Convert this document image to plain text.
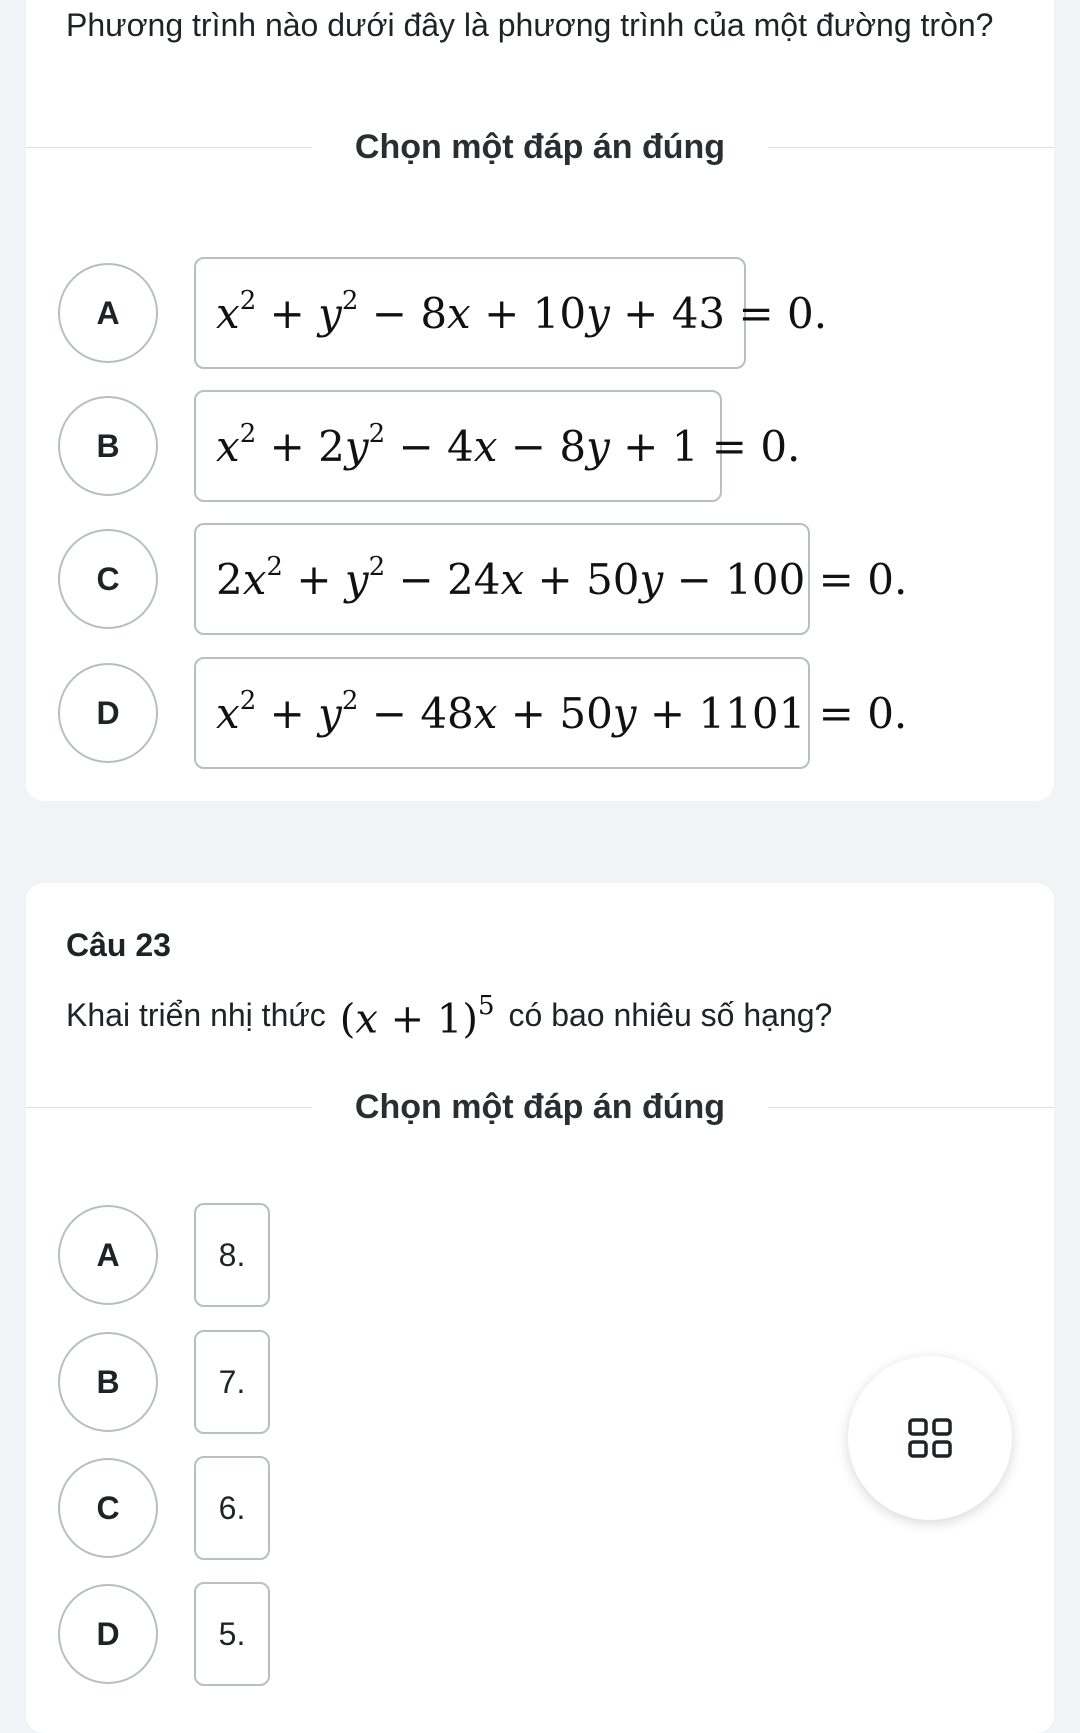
Phương trình nào dưới đây là phương trình của một đường tròn?
Chọn một đáp án đúng
A	$x^2 + y^2 - 8x + 10y + 43 = 0$.
B	$x^2 + 2y^2 - 4x - 8y + 1 = 0$.
C	$2x^2 + y^2 - 24x + 50y - 100 = 0$.
D	$x^2 + y^2 - 48x + 50y + 1101 = 0$.
Câu 23
Khai triển nhị thức $(x + 1)^5$ có bao nhiêu số hạng?
Chọn một đáp án đúng
A	8.
B	7.
C	6.
D	5.
